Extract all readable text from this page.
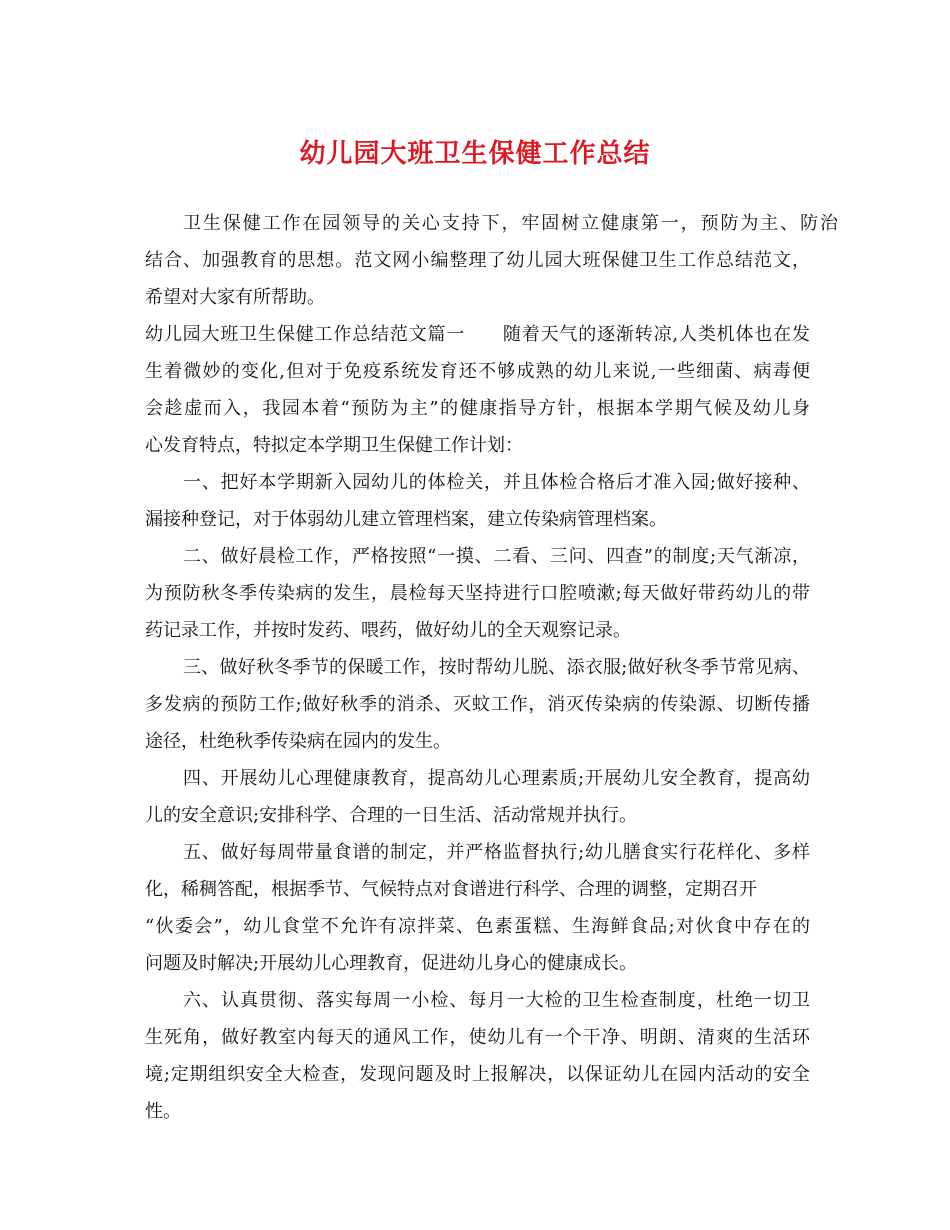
幼儿园大班卫生保健工作总结
卫生保健工作在园领导的关心支持下，牢固树立健康第一，预防为主、防治
结合、加强教育的思想。范文网小编整理了幼儿园大班保健卫生工作总结范文，
希望对大家有所帮助。
幼儿园大班卫生保健工作总结范文篇一　　随着天气的逐渐转凉,人类机体也在发
生着微妙的变化,但对于免疫系统发育还不够成熟的幼儿来说,一些细菌、病毒便
会趁虚而入，我园本着“预防为主”的健康指导方针，根据本学期气候及幼儿身
心发育特点，特拟定本学期卫生保健工作计划：
一、把好本学期新入园幼儿的体检关，并且体检合格后才准入园;做好接种、
漏接种登记，对于体弱幼儿建立管理档案，建立传染病管理档案。
二、做好晨检工作，严格按照“一摸、二看、三问、四查”的制度;天气渐凉，
为预防秋冬季传染病的发生，晨检每天坚持进行口腔喷漱;每天做好带药幼儿的带
药记录工作，并按时发药、喂药，做好幼儿的全天观察记录。
三、做好秋冬季节的保暖工作，按时帮幼儿脱、添衣服;做好秋冬季节常见病、
多发病的预防工作;做好秋季的消杀、灭蚊工作，消灭传染病的传染源、切断传播
途径，杜绝秋季传染病在园内的发生。
四、开展幼儿心理健康教育，提高幼儿心理素质;开展幼儿安全教育，提高幼
儿的安全意识;安排科学、合理的一日生活、活动常规并执行。
五、做好每周带量食谱的制定，并严格监督执行;幼儿膳食实行花样化、多样
化，稀稠答配，根据季节、气候特点对食谱进行科学、合理的调整，定期召开
“伙委会”，幼儿食堂不允许有凉拌菜、色素蛋糕、生海鲜食品;对伙食中存在的
问题及时解决;开展幼儿心理教育，促进幼儿身心的健康成长。
六、认真贯彻、落实每周一小检、每月一大检的卫生检查制度，杜绝一切卫
生死角，做好教室内每天的通风工作，使幼儿有一个干净、明朗、清爽的生活环
境;定期组织安全大检查，发现问题及时上报解决，以保证幼儿在园内活动的安全
性。
